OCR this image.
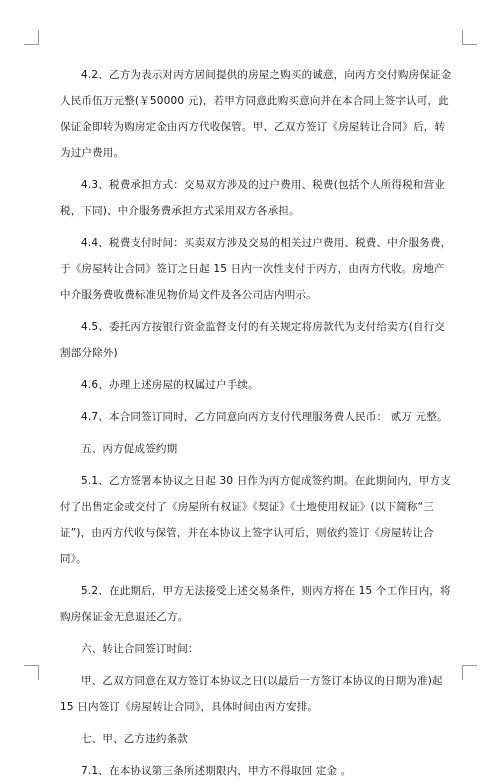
4.2、乙方为表示对丙方居间提供的房屋之购买的诚意，向丙方交付购房保证金人民币伍万元整(￥50000 元)，若甲方同意此购买意向并在本合同上签字认可，此保证金即转为购房定金由丙方代收保管。甲、乙双方签订《房屋转让合同》后，转为过户费用。

4.3、税费承担方式：交易双方涉及的过户费用、税费(包括个人所得税和营业税，下同)、中介服务费承担方式采用双方各承担。

4.4、税费支付时间：买卖双方涉及交易的相关过户费用、税费、中介服务费，于《房屋转让合同》签订之日起 15 日内一次性支付于丙方，由丙方代收。房地产中介服务费收费标准见物价局文件及各公司店内明示。

4.5、委托丙方按银行资金监督支付的有关规定将房款代为支付给卖方(自行交割部分除外)

4.6、办理上述房屋的权属过户手续。

4.7、本合同签订同时，乙方同意向丙方支付代理服务费人民币： 贰万 元整。

五、丙方促成签约期

5.1、乙方签署本协议之日起 30 日作为丙方促成签约期。在此期间内，甲方支付了出售定金或交付了《房屋所有权证》《契证》《土地使用权证》(以下简称“三证”)，由丙方代收与保管，并在本协议上签字认可后，则依约签订《房屋转让合同》。

5.2、在此期后，甲方无法接受上述交易条件，则丙方将在 15 个工作日内，将购房保证金无息退还乙方。

六、转让合同签订时间：

甲、乙双方同意在双方签订本协议之日(以最后一方签订本协议的日期为准)起 15 日内签订《房屋转让合同》，具体时间由丙方安排。

七、甲、乙方违约条款

7.1、在本协议第三条所述期限内，甲方不得取回 定金 。
